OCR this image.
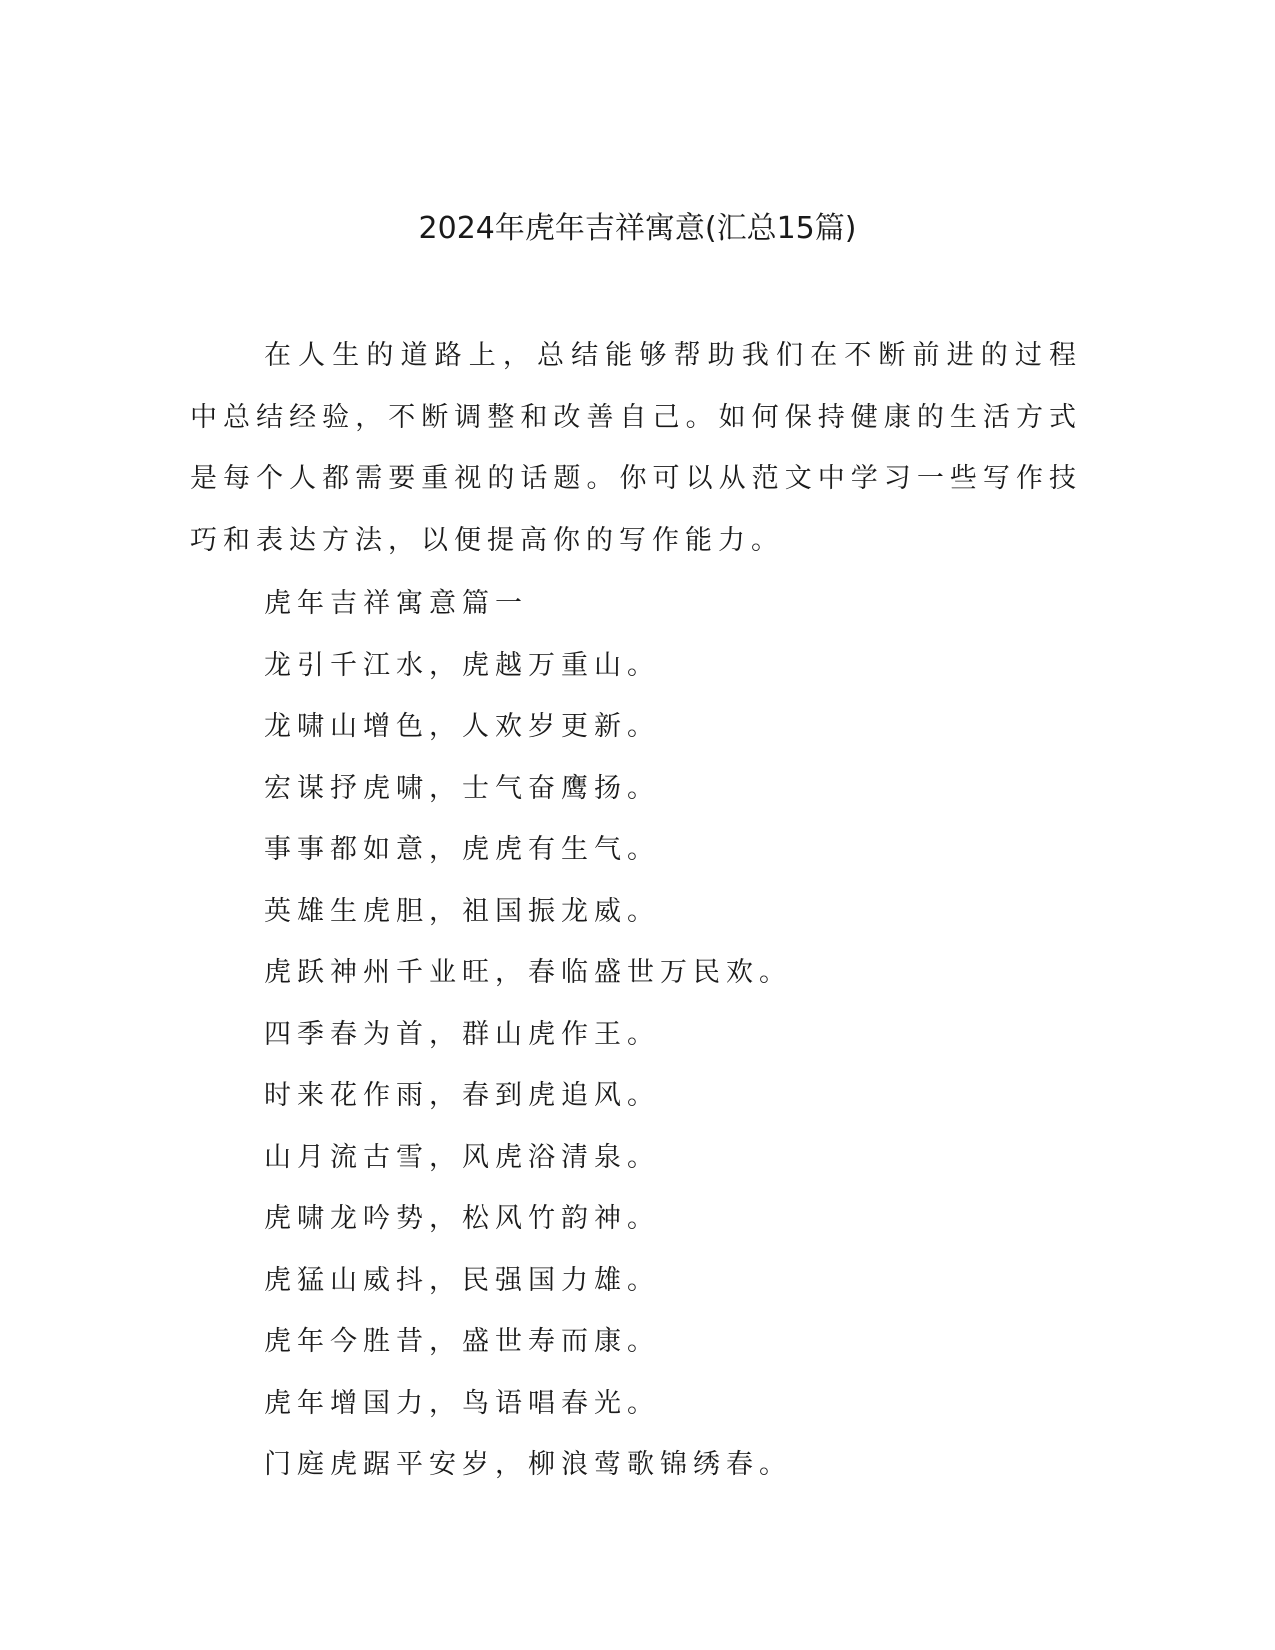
2024年虎年吉祥寓意(汇总15篇)

在人生的道路上，总结能够帮助我们在不断前进的过程中总结经验，不断调整和改善自己。如何保持健康的生活方式是每个人都需要重视的话题。你可以从范文中学习一些写作技巧和表达方法，以便提高你的写作能力。

虎年吉祥寓意篇一
龙引千江水，虎越万重山。
龙啸山增色，人欢岁更新。
宏谋抒虎啸，士气奋鹰扬。
事事都如意，虎虎有生气。
英雄生虎胆，祖国振龙威。
虎跃神州千业旺，春临盛世万民欢。
四季春为首，群山虎作王。
时来花作雨，春到虎追风。
山月流古雪，风虎浴清泉。
虎啸龙吟势，松风竹韵神。
虎猛山威抖，民强国力雄。
虎年今胜昔，盛世寿而康。
虎年增国力，鸟语唱春光。
门庭虎踞平安岁，柳浪莺歌锦绣春。
